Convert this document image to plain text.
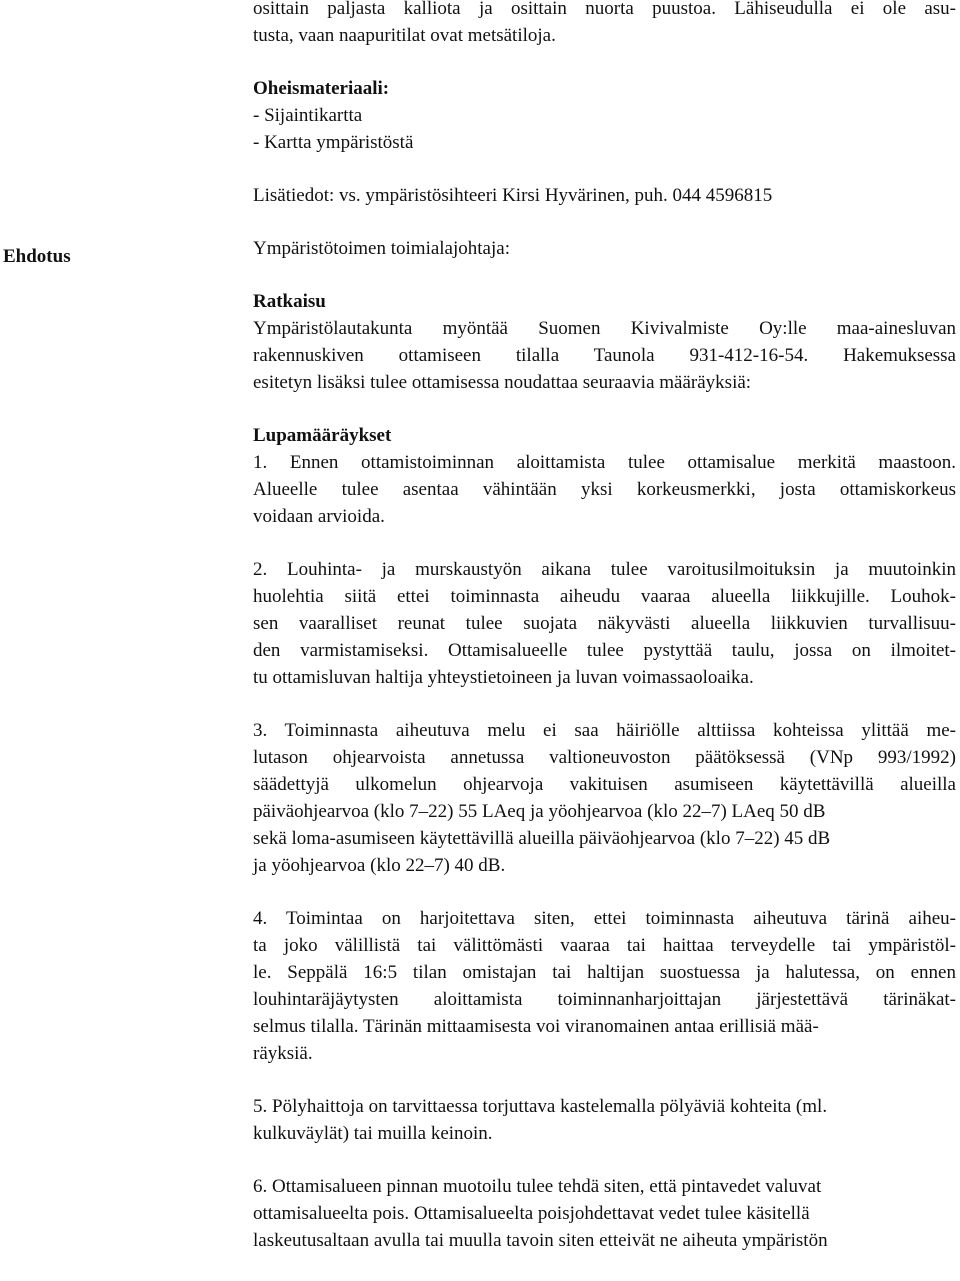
Ehdotus
osittain paljasta kalliota ja osittain nuorta puustoa. Lähiseudulla ei ole asu-
tusta, vaan naapuritilat ovat metsätiloja.
Oheismateriaali:
- Sijaintikartta
- Kartta ympäristöstä
Lisätiedot: vs. ympäristösihteeri Kirsi Hyvärinen, puh. 044 4596815
Ympäristötoimen toimialajohtaja:
Ratkaisu
Ympäristölautakunta myöntää Suomen Kivivalmiste Oy:lle maa-ainesluvan
rakennuskiven ottamiseen tilalla Taunola 931-412-16-54. Hakemuksessa
esitetyn lisäksi tulee ottamisessa noudattaa seuraavia määräyksiä:
Lupamääräykset
1. Ennen ottamistoiminnan aloittamista tulee ottamisalue merkitä maastoon.
Alueelle tulee asentaa vähintään yksi korkeusmerkki, josta ottamiskorkeus
voidaan arvioida.
2. Louhinta- ja murskaustyön aikana tulee varoitusilmoituksin ja muutoinkin
huolehtia siitä ettei toiminnasta aiheudu vaaraa alueella liikkujille. Louhok-
sen vaaralliset reunat tulee suojata näkyvästi alueella liikkuvien turvallisuu-
den varmistamiseksi. Ottamisalueelle tulee pystyttää taulu, jossa on ilmoitet-
tu ottamisluvan haltija yhteystietoineen ja luvan voimassaoloaika.
3. Toiminnasta aiheutuva melu ei saa häiriölle alttiissa kohteissa ylittää me-
lutason ohjearvoista annetussa valtioneuvoston päätöksessä (VNp 993/1992)
säädettyjä ulkomelun ohjearvoja vakituisen asumiseen käytettävillä alueilla
päiväohjearvoa (klo 7–22) 55 LAeq ja yöohjearvoa (klo 22–7) LAeq 50 dB
sekä loma-asumiseen käytettävillä alueilla päiväohjearvoa (klo 7–22) 45 dB
ja yöohjearvoa (klo 22–7) 40 dB.
4. Toimintaa on harjoitettava siten, ettei toiminnasta aiheutuva tärinä aiheu-
ta joko välillistä tai välittömästi vaaraa tai haittaa terveydelle tai ympäristöl-
le. Seppälä 16:5 tilan omistajan tai haltijan suostuessa ja halutessa, on ennen
louhintaräjäytysten aloittamista toiminnanharjoittajan järjestettävä tärinäkat-
selmus tilalla. Tärinän mittaamisesta voi viranomainen antaa erillisiä mää-
räyksiä.
5. Pölyhaittoja on tarvittaessa torjuttava kastelemalla pölyäviä kohteita (ml.
kulkuväylät) tai muilla keinoin.
6. Ottamisalueen pinnan muotoilu tulee tehdä siten, että pintavedet valuvat
ottamisalueelta pois. Ottamisalueelta poisjohdettavat vedet tulee käsitellä
laskeutusaltaan avulla tai muulla tavoin siten etteivät ne aiheuta ympäristön
